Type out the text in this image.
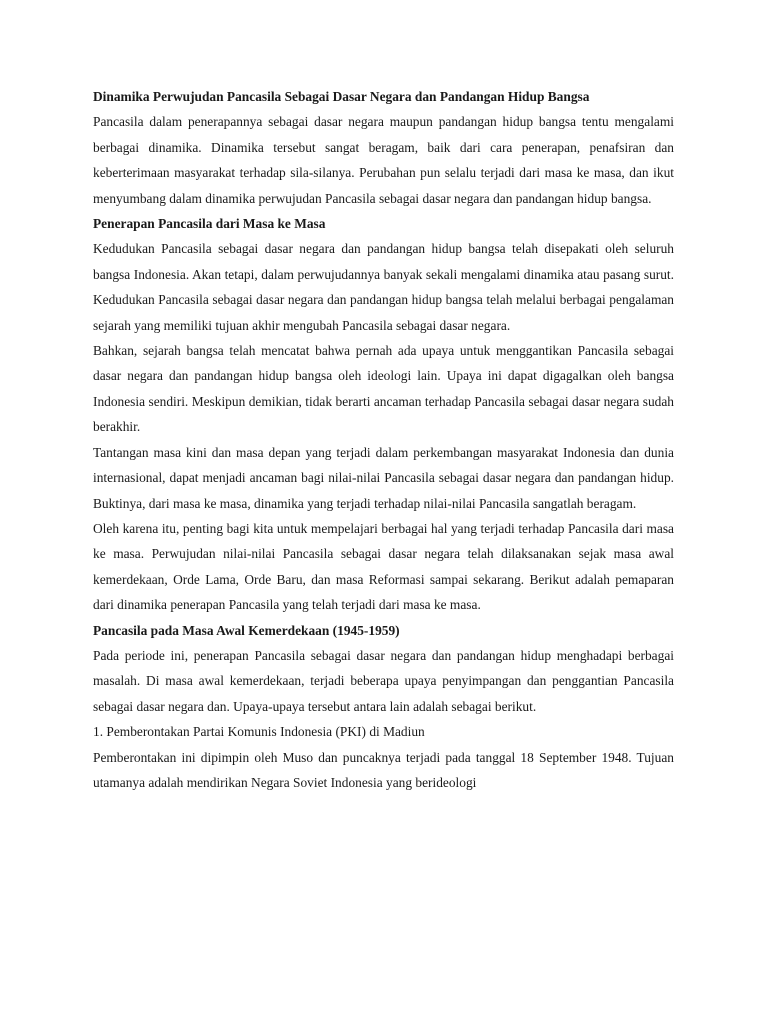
Dinamika Perwujudan Pancasila Sebagai Dasar Negara dan Pandangan Hidup Bangsa

Pancasila dalam penerapannya sebagai dasar negara maupun pandangan hidup bangsa tentu mengalami berbagai dinamika. Dinamika tersebut sangat beragam, baik dari cara penerapan, penafsiran dan keberterimaan masyarakat terhadap sila-silanya. Perubahan pun selalu terjadi dari masa ke masa, dan ikut menyumbang dalam dinamika perwujudan Pancasila sebagai dasar negara dan pandangan hidup bangsa.

Penerapan Pancasila dari Masa ke Masa

Kedudukan Pancasila sebagai dasar negara dan pandangan hidup bangsa telah disepakati oleh seluruh bangsa Indonesia. Akan tetapi, dalam perwujudannya banyak sekali mengalami dinamika atau pasang surut. Kedudukan Pancasila sebagai dasar negara dan pandangan hidup bangsa telah melalui berbagai pengalaman sejarah yang memiliki tujuan akhir mengubah Pancasila sebagai dasar negara.

Bahkan, sejarah bangsa telah mencatat bahwa pernah ada upaya untuk menggantikan Pancasila sebagai dasar negara dan pandangan hidup bangsa oleh ideologi lain. Upaya ini dapat digagalkan oleh bangsa Indonesia sendiri. Meskipun demikian, tidak berarti ancaman terhadap Pancasila sebagai dasar negara sudah berakhir.

Tantangan masa kini dan masa depan yang terjadi dalam perkembangan masyarakat Indonesia dan dunia internasional, dapat menjadi ancaman bagi nilai-nilai Pancasila sebagai dasar negara dan pandangan hidup. Buktinya, dari masa ke masa, dinamika yang terjadi terhadap nilai-nilai Pancasila sangatlah beragam.

Oleh karena itu, penting bagi kita untuk mempelajari berbagai hal yang terjadi terhadap Pancasila dari masa ke masa. Perwujudan nilai-nilai Pancasila sebagai dasar negara telah dilaksanakan sejak masa awal kemerdekaan, Orde Lama, Orde Baru, dan masa Reformasi sampai sekarang. Berikut adalah pemaparan dari dinamika penerapan Pancasila yang telah terjadi dari masa ke masa.

Pancasila pada Masa Awal Kemerdekaan (1945-1959)

Pada periode ini, penerapan Pancasila sebagai dasar negara dan pandangan hidup menghadapi berbagai masalah. Di masa awal kemerdekaan, terjadi beberapa upaya penyimpangan dan penggantian Pancasila sebagai dasar negara dan. Upaya-upaya tersebut antara lain adalah sebagai berikut.

1. Pemberontakan Partai Komunis Indonesia (PKI) di Madiun

Pemberontakan ini dipimpin oleh Muso dan puncaknya terjadi pada tanggal 18 September 1948. Tujuan utamanya adalah mendirikan Negara Soviet Indonesia yang berideologi
